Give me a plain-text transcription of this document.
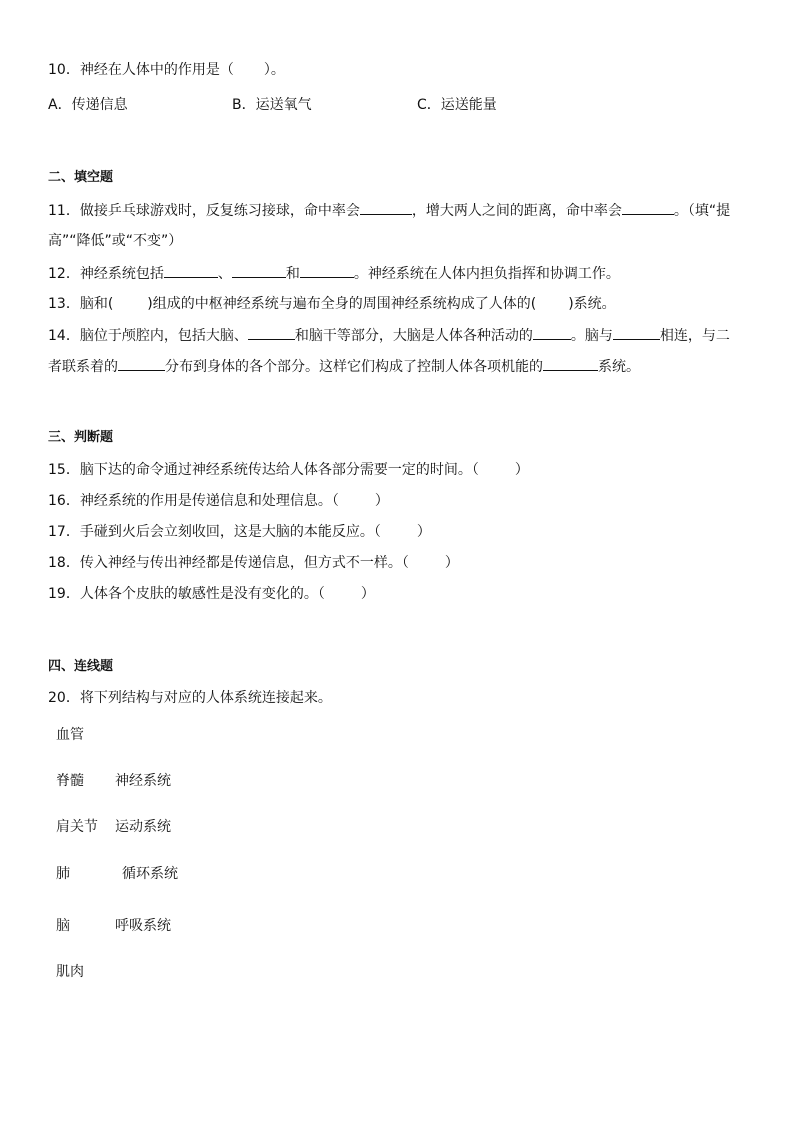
10．神经在人体中的作用是（ ）。
A．传递信息	B．运送氧气	C．运送能量
二、填空题
11．做接乒乓球游戏时，反复练习接球，命中率会	，增大两人之间的距离，命中率会	。（填“提
高”“降低”或“不变”）
12．神经系统包括	、	和	。神经系统在人体内担负指挥和协调工作。
13．脑和( )组成的中枢神经系统与遍布全身的周围神经系统构成了人体的( )系统。
14．脑位于颅腔内，包括大脑、	和脑干等部分，大脑是人体各种活动的	。脑与	相连，与二
者联系着的	分布到身体的各个部分。这样它们构成了控制人体各项机能的	系统。
三、判断题
15．脑下达的命令通过神经系统传达给人体各部分需要一定的时间。（	）
16．神经系统的作用是传递信息和处理信息。（	）
17．手碰到火后会立刻收回，这是大脑的本能反应。（	）
18．传入神经与传出神经都是传递信息，但方式不一样。（	）
19．人体各个皮肤的敏感性是没有变化的。（	）
四、连线题
20．将下列结构与对应的人体系统连接起来。
血管
脊髓
肩关节
肺
脑
肌肉
神经系统
运动系统
循环系统
呼吸系统
